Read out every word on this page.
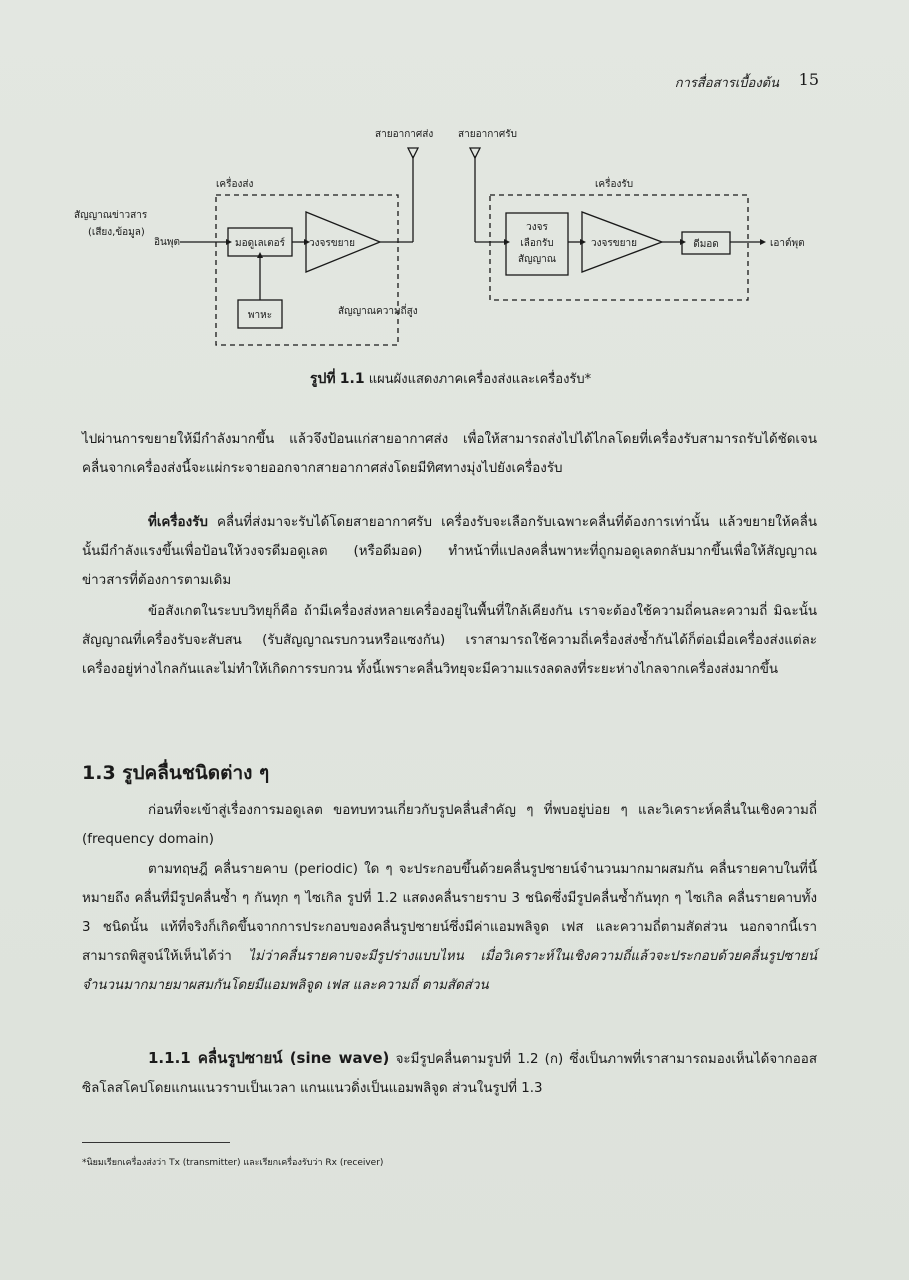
การสื่อสารเบื้องต้น 15
สายอากาศส่ง สายอากาศรับ
เครื่องส่ง	เครื่องรับ
สัญญาณข่าวสาร
(เสียง,ข้อมูล)
อินพุต	มอดูเลเตอร์ วงจรขยาย
พาหะ	สัญญาณความถี่สูง
วงจร
เลือกรับ
สัญญาณ
วงจรขยาย	ดีมอด	เอาต์พุต
รูปที่ 1.1 แผนผังแสดงภาคเครื่องส่งและเครื่องรับ*
ไปผ่านการขยายให้มีกำลังมากขึ้น แล้วจึงป้อนแก่สายอากาศส่ง เพื่อให้สามารถส่งไปได้ไกลโดยที่เครื่องรับสามารถรับได้ชัดเจน คลื่นจากเครื่องส่งนี้จะแผ่กระจายออกจากสายอากาศส่งโดยมีทิศทางมุ่งไปยังเครื่องรับ
ที่เครื่องรับ คลื่นที่ส่งมาจะรับได้โดยสายอากาศรับ เครื่องรับจะเลือกรับเฉพาะคลื่นที่ต้องการเท่านั้น แล้วขยายให้คลื่นนั้นมีกำลังแรงขึ้นเพื่อป้อนให้วงจรดีมอดูเลต (หรือดีมอด) ทำหน้าที่แปลงคลื่นพาหะที่ถูกมอดูเลตกลับมากขึ้นเพื่อให้สัญญาณข่าวสารที่ต้องการตามเดิม
ข้อสังเกตในระบบวิทยุก็คือ ถ้ามีเครื่องส่งหลายเครื่องอยู่ในพื้นที่ใกล้เคียงกัน เราจะต้องใช้ความถี่คนละความถี่ มิฉะนั้นสัญญาณที่เครื่องรับจะสับสน (รับสัญญาณรบกวนหรือแซงกัน) เราสามารถใช้ความถี่เครื่องส่งซ้ำกันได้ก็ต่อเมื่อเครื่องส่งแต่ละเครื่องอยู่ห่างไกลกันและไม่ทำให้เกิดการรบกวน ทั้งนี้เพราะคลื่นวิทยุจะมีความแรงลดลงที่ระยะห่างไกลจากเครื่องส่งมากขึ้น
1.3 รูปคลื่นชนิดต่าง ๆ
ก่อนที่จะเข้าสู่เรื่องการมอดูเลต ขอทบทวนเกี่ยวกับรูปคลื่นสำคัญ ๆ ที่พบอยู่บ่อย ๆ และวิเคราะห์คลื่นในเชิงความถี่ (frequency domain)
ตามทฤษฎี คลื่นรายคาบ (periodic) ใด ๆ จะประกอบขึ้นด้วยคลื่นรูปซายน์จำนวนมากมาผสมกัน คลื่นรายคาบในที่นี้หมายถึง คลื่นที่มีรูปคลื่นซ้ำ ๆ กันทุก ๆ ไซเกิล รูปที่ 1.2 แสดงคลื่นรายราบ 3 ชนิดซึ่งมีรูปคลื่นซ้ำกันทุก ๆ ไซเกิล คลื่นรายคาบทั้ง 3 ชนิดนั้น แท้ที่จริงก็เกิดขึ้นจากการประกอบของคลื่นรูปซายน์ซึ่งมีค่าแอมพลิจูด เฟส และความถี่ตามสัดส่วน นอกจากนี้เราสามารถพิสูจน์ให้เห็นได้ว่า ไม่ว่าคลื่นรายคาบจะมีรูปร่างแบบไหน เมื่อวิเคราะห์ในเชิงความถี่แล้วจะประกอบด้วยคลื่นรูปซายน์จำนวนมากมายมาผสมกันโดยมีแอมพลิจูด เฟส และความถี่ ตามสัดส่วน
1.1.1 คลื่นรูปซายน์ (sine wave) จะมีรูปคลื่นตามรูปที่ 1.2 (ก) ซึ่งเป็นภาพที่เราสามารถมองเห็นได้จากออสซิลโลสโคปโดยแกนแนวราบเป็นเวลา แกนแนวดิ่งเป็นแอมพลิจูด ส่วนในรูปที่ 1.3
*นิยมเรียกเครื่องส่งว่า Tx (transmitter) และเรียกเครื่องรับว่า Rx (receiver)
